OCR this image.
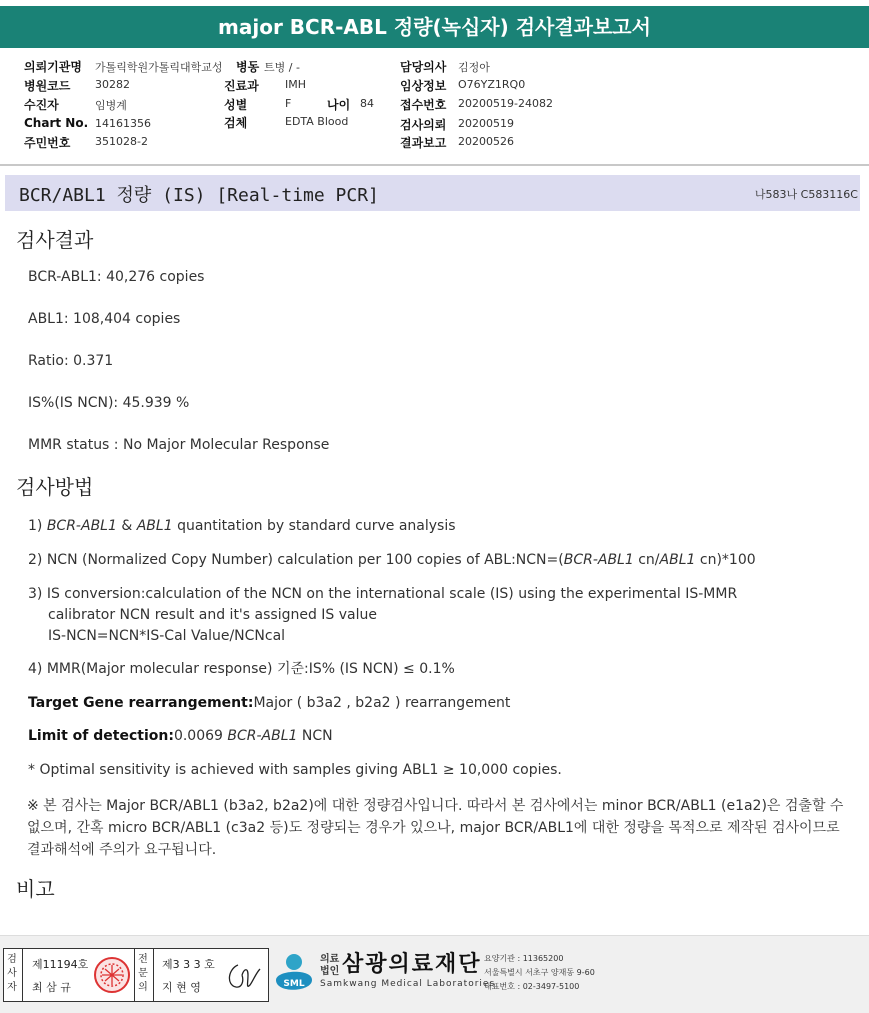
major BCR-ABL 정량(녹십자) 검사결과보고서
의뢰기관명 가톨릭학원가톨릭대학교성
병원코드 30282
수진자	임병계
Chart No. 14161356
주민번호 351028-2
병동 트병 / -
진료과 IMH
성별	F	나이 84
검체	EDTA Blood
담당의사 김정아
임상정보 O76YZ1RQ0
접수번호 20200519-24082
검사의뢰 20200519
결과보고 20200526
BCR/ABL1 정량 (IS) [Real-time PCR]	나583나 C583116C
검사결과
BCR-ABL1: 40,276 copies
ABL1: 108,404 copies
Ratio: 0.371
IS%(IS NCN): 45.939 %
MMR status : No Major Molecular Response
검사방법
1) BCR-ABL1 & ABL1 quantitation by standard curve analysis
2) NCN (Normalized Copy Number) calculation per 100 copies of ABL:NCN=(BCR-ABL1 cn/ABL1 cn)*100
3) IS conversion:calculation of the NCN on the international scale (IS) using the experimental IS-MMR
calibrator NCN result and it's assigned IS value
IS-NCN=NCN*IS-Cal Value/NCNcal
4) MMR(Major molecular response) 기준:IS% (IS NCN) ≤ 0.1%
Target Gene rearrangement:Major ( b3a2 , b2a2 ) rearrangement
Limit of detection:0.0069 BCR-ABL1 NCN
* Optimal sensitivity is achieved with samples giving ABL1 ≥ 10,000 copies.
※ 본 검사는 Major BCR/ABL1 (b3a2, b2a2)에 대한 정량검사입니다. 따라서 본 검사에서는 minor BCR/ABL1 (e1a2)은 검출할 수 없으며, 간혹 micro BCR/ABL1 (c3a2 등)도 정량되는 경우가 있으나, major BCR/ABL1에 대한 정량을 목적으로 제작된 검사이므로 결과해석에 주의가 요구됩니다.
비고
검사자
제11194호
최 삼 규
전문의
제3 3 3 호
지 현 영	SML
의료
법인 삼광의료재단
Samkwang Medical Laboratories
요양기관 : 11365200
서울특별시 서초구 양재동 9-60
대표번호 : 02-3497-5100
